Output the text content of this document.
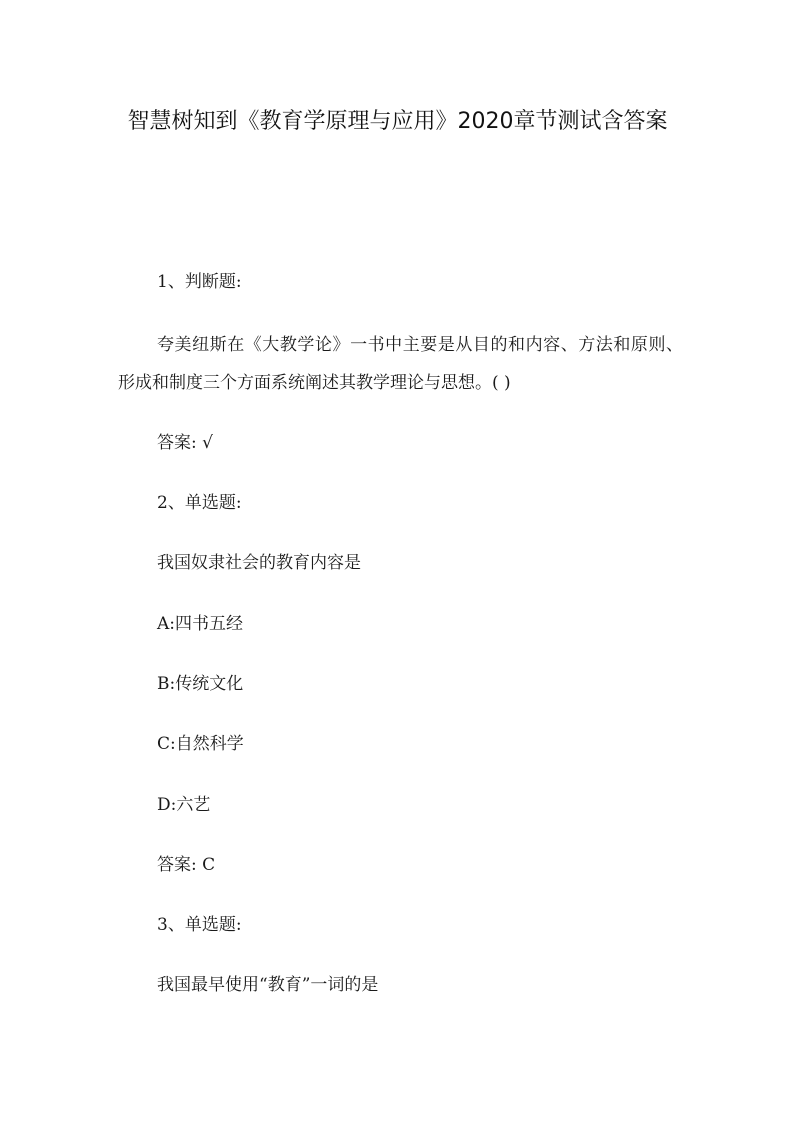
智慧树知到《教育学原理与应用》2020章节测试含答案

1、判断题:

夸美纽斯在《大教学论》一书中主要是从目的和内容、方法和原则、形成和制度三个方面系统阐述其教学理论与思想。( )

答案: √

2、单选题:

我国奴隶社会的教育内容是

A:四书五经

B:传统文化

C:自然科学

D:六艺

答案: C

3、单选题:

我国最早使用“教育”一词的是
